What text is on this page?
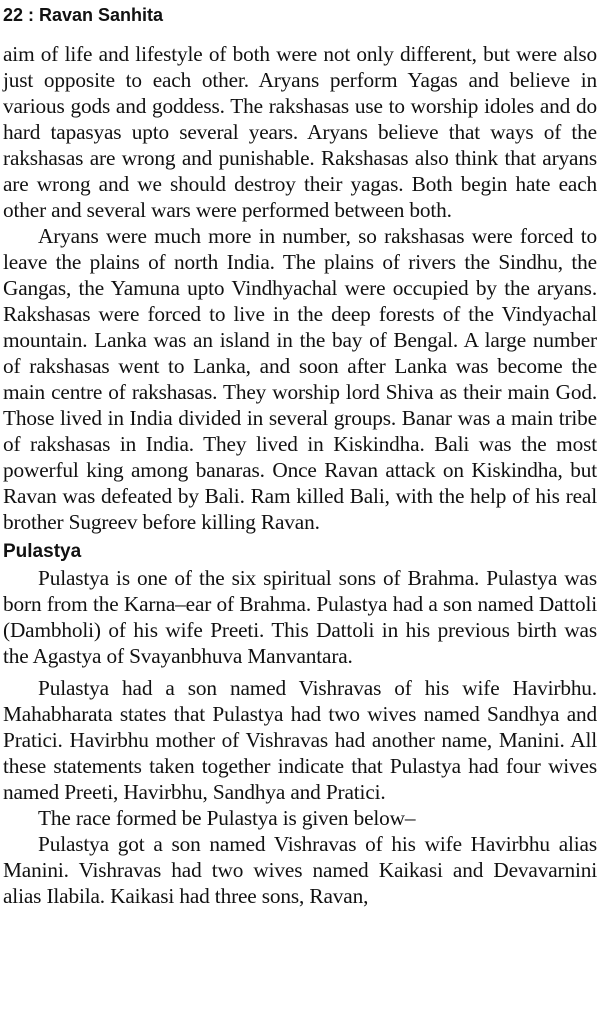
22 : Ravan Sanhita

aim of life and lifestyle of both were not only different, but were also just opposite to each other. Aryans perform Yagas and believe in various gods and goddess. The rakshasas use to worship idoles and do hard tapasyas upto several years. Aryans believe that ways of the rakshasas are wrong and punishable. Rakshasas also think that aryans are wrong and we should destroy their yagas. Both begin hate each other and several wars were performed between both.

Aryans were much more in number, so rakshasas were forced to leave the plains of north India. The plains of rivers the Sindhu, the Gangas, the Yamuna upto Vindhyachal were occupied by the aryans. Rakshasas were forced to live in the deep forests of the Vindyachal mountain. Lanka was an island in the bay of Bengal. A large number of rakshasas went to Lanka, and soon after Lanka was become the main centre of rakshasas. They worship lord Shiva as their main God. Those lived in India divided in several groups. Banar was a main tribe of rakshasas in India. They lived in Kiskindha. Bali was the most powerful king among banaras. Once Ravan attack on Kiskindha, but Ravan was defeated by Bali. Ram killed Bali, with the help of his real brother Sugreev before killing Ravan.

Pulastya

Pulastya is one of the six spiritual sons of Brahma. Pulastya was born from the Karna–ear of Brahma. Pulastya had a son named Dattoli (Dambholi) of his wife Preeti. This Dattoli in his previous birth was the Agastya of Svayanbhuva Manvantara.

Pulastya had a son named Vishravas of his wife Havirbhu. Mahabharata states that Pulastya had two wives named Sandhya and Pratici. Havirbhu mother of Vishravas had another name, Manini. All these statements taken together indicate that Pulastya had four wives named Preeti, Havirbhu, Sandhya and Pratici.

The race formed be Pulastya is given below–

Pulastya got a son named Vishravas of his wife Havirbhu alias Manini. Vishravas had two wives named Kaikasi and Devavarnini alias Ilabila. Kaikasi had three sons, Ravan,
